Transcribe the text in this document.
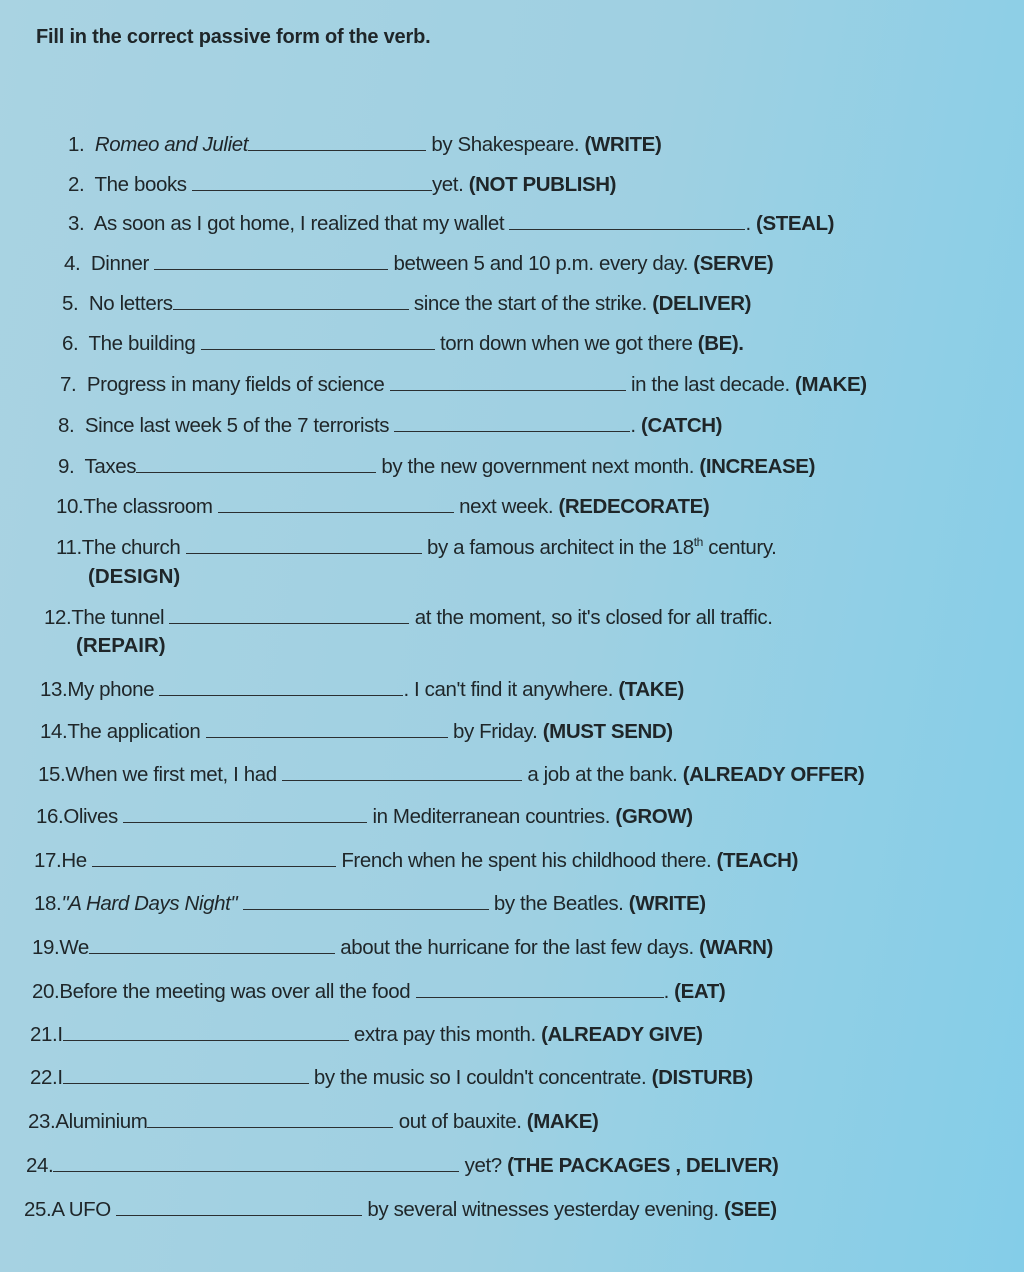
Fill in the correct passive form of the verb.
1. Romeo and Juliet	by Shakespeare. (WRITE)
2. The books	yet. (NOT PUBLISH)
3. As soon as I got home, I realized that my wallet	. (STEAL)
4. Dinner	between 5 and 10 p.m. every day. (SERVE)
5. No letters	since the start of the strike. (DELIVER)
6. The building	torn down when we got there (BE).
7. Progress in many fields of science	in the last decade. (MAKE)
8. Since last week 5 of the 7 terrorists	. (CATCH)
9. Taxes	by the new government next month. (INCREASE)
10.The classroom	next week. (REDECORATE)
11.The church	by a famous architect in the 18th century.
(DESIGN)
12.The tunnel	at the moment, so it's closed for all traffic.
(REPAIR)
13.My phone	. I can't find it anywhere. (TAKE)
14.The application	by Friday. (MUST SEND)
15.When we first met, I had	a job at the bank. (ALREADY OFFER)
16.Olives	in Mediterranean countries. (GROW)
17.He	French when he spent his childhood there. (TEACH)
18."A Hard Days Night"	by the Beatles. (WRITE)
19.We	about the hurricane for the last few days. (WARN)
20.Before the meeting was over all the food	. (EAT)
21.I	extra pay this month. (ALREADY GIVE)
22.I	by the music so I couldn't concentrate. (DISTURB)
23.Aluminium	out of bauxite. (MAKE)
24.	yet? (THE PACKAGES , DELIVER)
25.A UFO	by several witnesses yesterday evening. (SEE)
